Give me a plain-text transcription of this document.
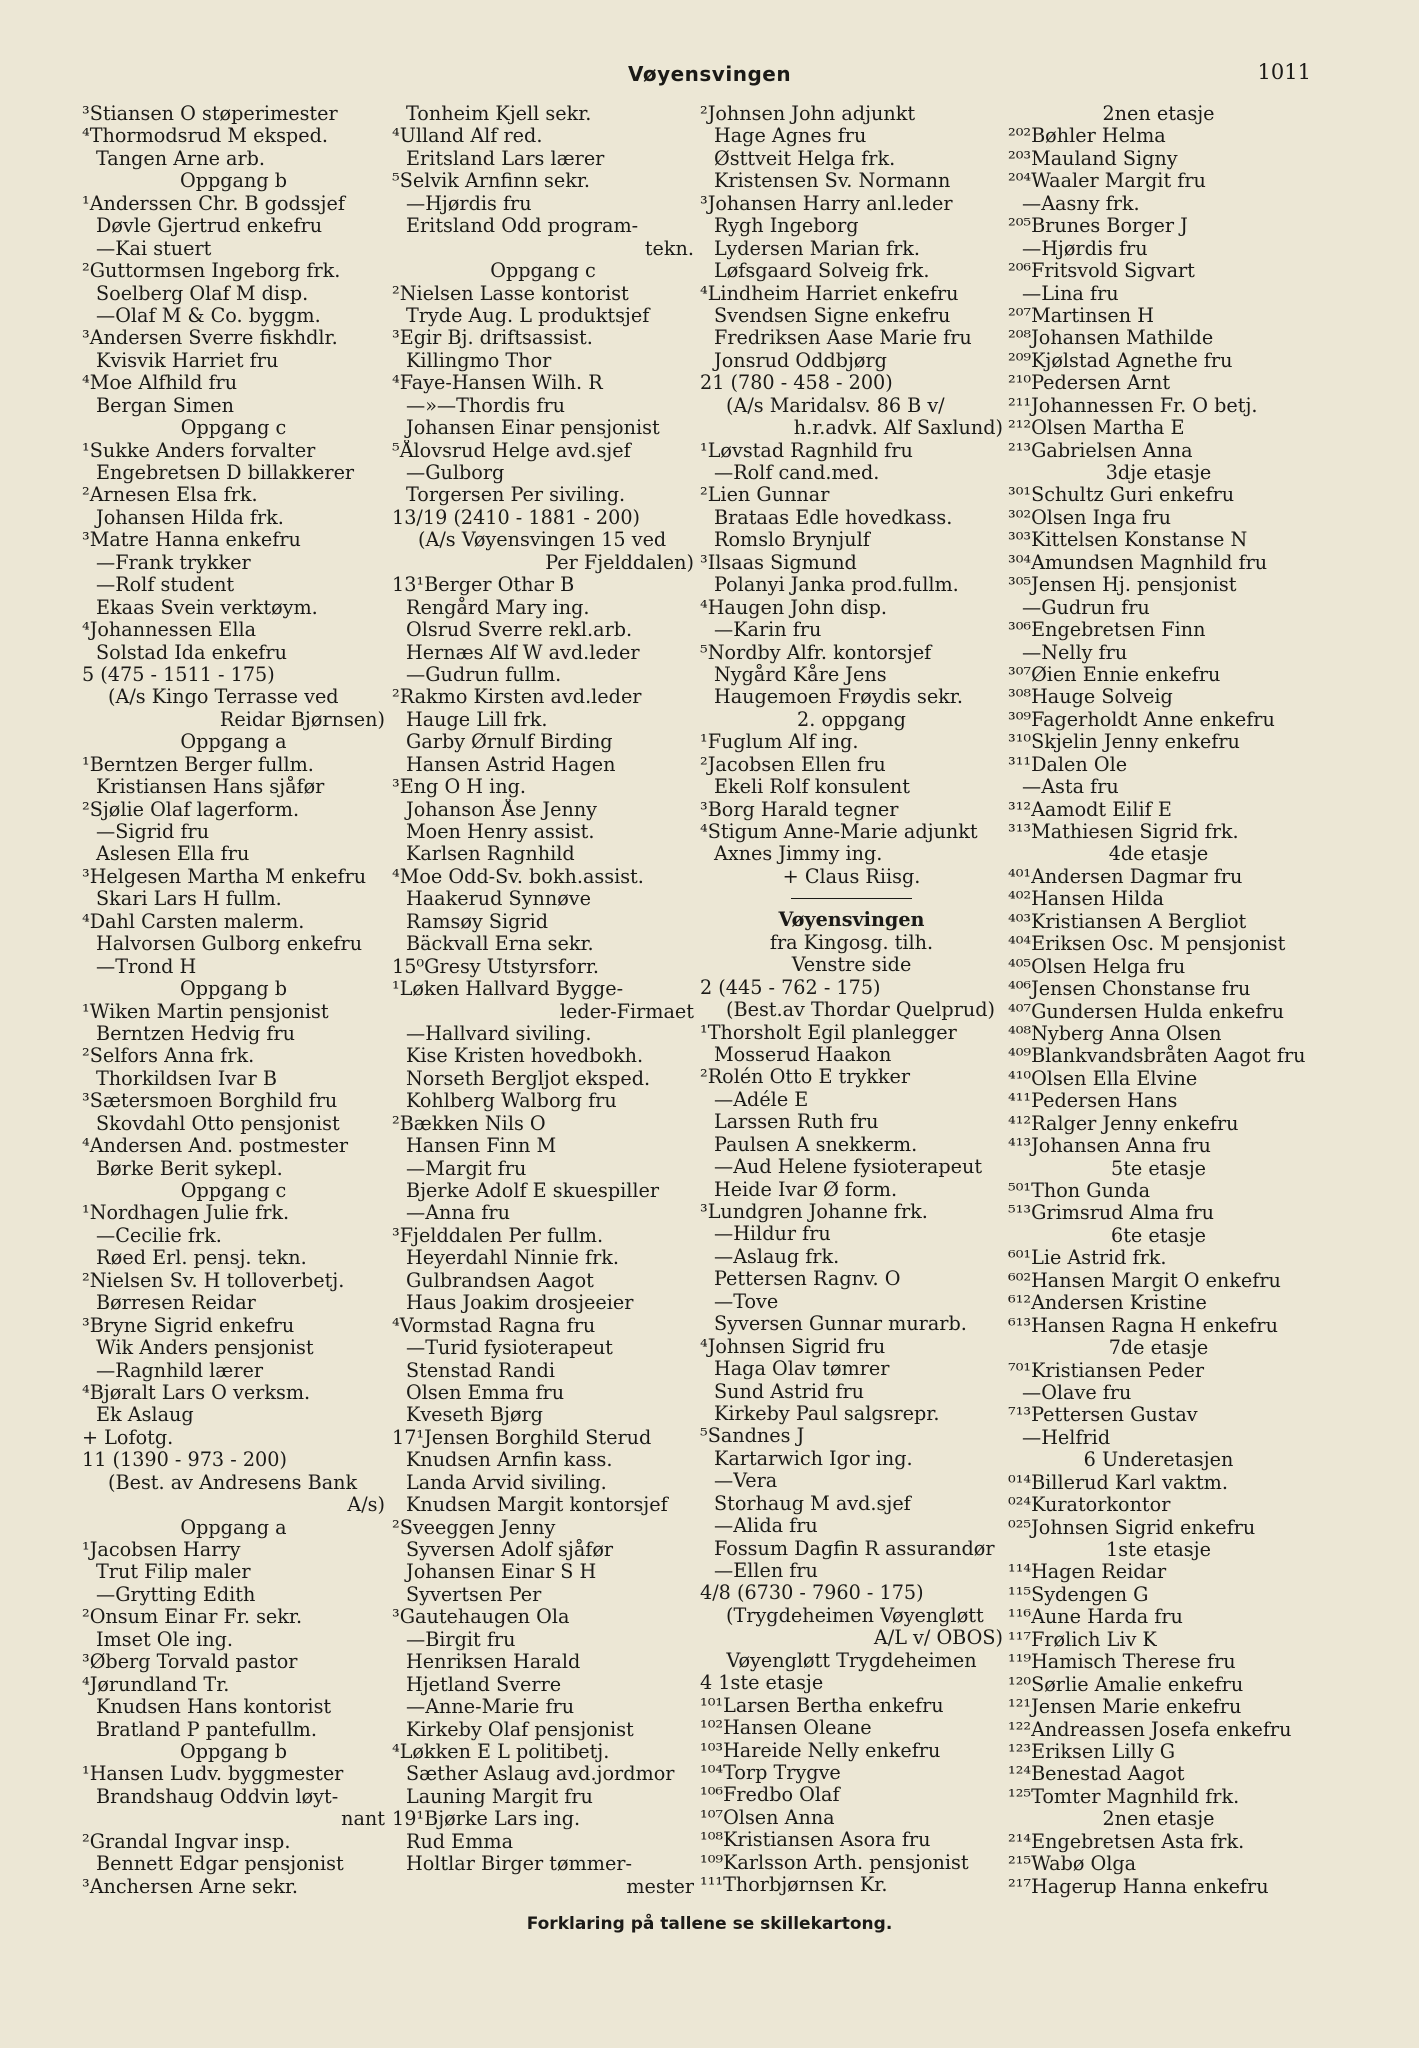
Vøyensvingen	1011
³Stiansen O støperimester
⁴Thormodsrud M eksped.
Tangen Arne arb.
Oppgang b
¹Anderssen Chr. B godssjef
Døvle Gjertrud enkefru
—Kai stuert
²Guttormsen Ingeborg frk.
Soelberg Olaf M disp.
—Olaf M & Co. byggm.
³Andersen Sverre fiskhdlr.
Kvisvik Harriet fru
⁴Moe Alfhild fru
Bergan Simen
Oppgang c
¹Sukke Anders forvalter
Engebretsen D billakkerer
²Arnesen Elsa frk.
Johansen Hilda frk.
³Matre Hanna enkefru
—Frank trykker
—Rolf student
Ekaas Svein verktøym.
⁴Johannessen Ella
Solstad Ida enkefru
5 (475 - 1511 - 175)
(A/s Kingo Terrasse ved
Reidar Bjørnsen)
Oppgang a
¹Berntzen Berger fullm.
Kristiansen Hans sjåfør
²Sjølie Olaf lagerform.
—Sigrid fru
Aslesen Ella fru
³Helgesen Martha M enkefru
Skari Lars H fullm.
⁴Dahl Carsten malerm.
Halvorsen Gulborg enkefru
—Trond H
Oppgang b
¹Wiken Martin pensjonist
Berntzen Hedvig fru
²Selfors Anna frk.
Thorkildsen Ivar B
³Sætersmoen Borghild fru
Skovdahl Otto pensjonist
⁴Andersen And. postmester
Børke Berit sykepl.
Oppgang c
¹Nordhagen Julie frk.
—Cecilie frk.
Røed Erl. pensj. tekn.
²Nielsen Sv. H tolloverbetj.
Børresen Reidar
³Bryne Sigrid enkefru
Wik Anders pensjonist
—Ragnhild lærer
⁴Bjøralt Lars O verksm.
Ek Aslaug
+ Lofotg.
11 (1390 - 973 - 200)
(Best. av Andresens Bank
A/s)
Oppgang a
¹Jacobsen Harry
Trut Filip maler
—Grytting Edith
²Onsum Einar Fr. sekr.
Imset Ole ing.
³Øberg Torvald pastor
⁴Jørundland Tr.
Knudsen Hans kontorist
Bratland P pantefullm.
Oppgang b
¹Hansen Ludv. byggmester
Brandshaug Oddvin løyt-
nant
²Grandal Ingvar insp.
Bennett Edgar pensjonist
³Anchersen Arne sekr.
Tonheim Kjell sekr.
⁴Ulland Alf red.
Eritsland Lars lærer
⁵Selvik Arnfinn sekr.
—Hjørdis fru
Eritsland Odd program-
tekn.
Oppgang c
²Nielsen Lasse kontorist
Tryde Aug. L produktsjef
³Egir Bj. driftsassist.
Killingmo Thor
⁴Faye-Hansen Wilh. R
—»—Thordis fru
Johansen Einar pensjonist
⁵Ålovsrud Helge avd.sjef
—Gulborg
Torgersen Per siviling.
13/19 (2410 - 1881 - 200)
(A/s Vøyensvingen 15 ved
Per Fjelddalen)
13¹Berger Othar B
Rengård Mary ing.
Olsrud Sverre rekl.arb.
Hernæs Alf W avd.leder
—Gudrun fullm.
²Rakmo Kirsten avd.leder
Hauge Lill frk.
Garby Ørnulf Birding
Hansen Astrid Hagen
³Eng O H ing.
Johanson Åse Jenny
Moen Henry assist.
Karlsen Ragnhild
⁴Moe Odd-Sv. bokh.assist.
Haakerud Synnøve
Ramsøy Sigrid
Bäckvall Erna sekr.
15⁰Gresy Utstyrsforr.
¹Løken Hallvard Bygge-
leder-Firmaet
—Hallvard siviling.
Kise Kristen hovedbokh.
Norseth Bergljot eksped.
Kohlberg Walborg fru
²Bækken Nils O
Hansen Finn M
—Margit fru
Bjerke Adolf E skuespiller
—Anna fru
³Fjelddalen Per fullm.
Heyerdahl Ninnie frk.
Gulbrandsen Aagot
Haus Joakim drosjeeier
⁴Vormstad Ragna fru
—Turid fysioterapeut
Stenstad Randi
Olsen Emma fru
Kveseth Bjørg
17¹Jensen Borghild Sterud
Knudsen Arnfin kass.
Landa Arvid siviling.
Knudsen Margit kontorsjef
²Sveeggen Jenny
Syversen Adolf sjåfør
Johansen Einar S H
Syvertsen Per
³Gautehaugen Ola
—Birgit fru
Henriksen Harald
Hjetland Sverre
—Anne-Marie fru
Kirkeby Olaf pensjonist
⁴Løkken E L politibetj.
Sæther Aslaug avd.jordmor
Launing Margit fru
19¹Bjørke Lars ing.
Rud Emma
Holtlar Birger tømmer-
mester
²Johnsen John adjunkt
Hage Agnes fru
Østtveit Helga frk.
Kristensen Sv. Normann
³Johansen Harry anl.leder
Rygh Ingeborg
Lydersen Marian frk.
Løfsgaard Solveig frk.
⁴Lindheim Harriet enkefru
Svendsen Signe enkefru
Fredriksen Aase Marie fru
Jonsrud Oddbjørg
21 (780 - 458 - 200)
(A/s Maridalsv. 86 B v/
h.r.advk. Alf Saxlund)
¹Løvstad Ragnhild fru
—Rolf cand.med.
²Lien Gunnar
Brataas Edle hovedkass.
Romslo Brynjulf
³Ilsaas Sigmund
Polanyi Janka prod.fullm.
⁴Haugen John disp.
—Karin fru
⁵Nordby Alfr. kontorsjef
Nygård Kåre Jens
Haugemoen Frøydis sekr.
2. oppgang
¹Fuglum Alf ing.
²Jacobsen Ellen fru
Ekeli Rolf konsulent
³Borg Harald tegner
⁴Stigum Anne-Marie adjunkt
Axnes Jimmy ing.
+ Claus Riisg.
Vøyensvingen
fra Kingosg. tilh.
Venstre side
2 (445 - 762 - 175)
(Best.av Thordar Quelprud)
¹Thorsholt Egil planlegger
Mosserud Haakon
²Rolén Otto E trykker
—Adéle E
Larssen Ruth fru
Paulsen A snekkerm.
—Aud Helene fysioterapeut
Heide Ivar Ø form.
³Lundgren Johanne frk.
—Hildur fru
—Aslaug frk.
Pettersen Ragnv. O
—Tove
Syversen Gunnar murarb.
⁴Johnsen Sigrid fru
Haga Olav tømrer
Sund Astrid fru
Kirkeby Paul salgsrepr.
⁵Sandnes J
Kartarwich Igor ing.
—Vera
Storhaug M avd.sjef
—Alida fru
Fossum Dagfin R assurandør
—Ellen fru
4/8 (6730 - 7960 - 175)
(Trygdeheimen Vøyengløtt
A/L v/ OBOS)
Vøyengløtt Trygdeheimen
4 1ste etasje
¹⁰¹Larsen Bertha enkefru
¹⁰²Hansen Oleane
¹⁰³Hareide Nelly enkefru
¹⁰⁴Torp Trygve
¹⁰⁶Fredbo Olaf
¹⁰⁷Olsen Anna
¹⁰⁸Kristiansen Asora fru
¹⁰⁹Karlsson Arth. pensjonist
¹¹¹Thorbjørnsen Kr.
2nen etasje
²⁰²Bøhler Helma
²⁰³Mauland Signy
²⁰⁴Waaler Margit fru
—Aasny frk.
²⁰⁵Brunes Borger J
—Hjørdis fru
²⁰⁶Fritsvold Sigvart
—Lina fru
²⁰⁷Martinsen H
²⁰⁸Johansen Mathilde
²⁰⁹Kjølstad Agnethe fru
²¹⁰Pedersen Arnt
²¹¹Johannessen Fr. O betj.
²¹²Olsen Martha E
²¹³Gabrielsen Anna
3dje etasje
³⁰¹Schultz Guri enkefru
³⁰²Olsen Inga fru
³⁰³Kittelsen Konstanse N
³⁰⁴Amundsen Magnhild fru
³⁰⁵Jensen Hj. pensjonist
—Gudrun fru
³⁰⁶Engebretsen Finn
—Nelly fru
³⁰⁷Øien Ennie enkefru
³⁰⁸Hauge Solveig
³⁰⁹Fagerholdt Anne enkefru
³¹⁰Skjelin Jenny enkefru
³¹¹Dalen Ole
—Asta fru
³¹²Aamodt Eilif E
³¹³Mathiesen Sigrid frk.
4de etasje
⁴⁰¹Andersen Dagmar fru
⁴⁰²Hansen Hilda
⁴⁰³Kristiansen A Bergliot
⁴⁰⁴Eriksen Osc. M pensjonist
⁴⁰⁵Olsen Helga fru
⁴⁰⁶Jensen Chonstanse fru
⁴⁰⁷Gundersen Hulda enkefru
⁴⁰⁸Nyberg Anna Olsen
⁴⁰⁹Blankvandsbråten Aagot fru
⁴¹⁰Olsen Ella Elvine
⁴¹¹Pedersen Hans
⁴¹²Ralger Jenny enkefru
⁴¹³Johansen Anna fru
5te etasje
⁵⁰¹Thon Gunda
⁵¹³Grimsrud Alma fru
6te etasje
⁶⁰¹Lie Astrid frk.
⁶⁰²Hansen Margit O enkefru
⁶¹²Andersen Kristine
⁶¹³Hansen Ragna H enkefru
7de etasje
⁷⁰¹Kristiansen Peder
—Olave fru
⁷¹³Pettersen Gustav
—Helfrid
6 Underetasjen
⁰¹⁴Billerud Karl vaktm.
⁰²⁴Kuratorkontor
⁰²⁵Johnsen Sigrid enkefru
1ste etasje
¹¹⁴Hagen Reidar
¹¹⁵Sydengen G
¹¹⁶Aune Harda fru
¹¹⁷Frølich Liv K
¹¹⁹Hamisch Therese fru
¹²⁰Sørlie Amalie enkefru
¹²¹Jensen Marie enkefru
¹²²Andreassen Josefa enkefru
¹²³Eriksen Lilly G
¹²⁴Benestad Aagot
¹²⁵Tomter Magnhild frk.
2nen etasje
²¹⁴Engebretsen Asta frk.
²¹⁵Wabø Olga
²¹⁷Hagerup Hanna enkefru
Forklaring på tallene se skillekartong.
